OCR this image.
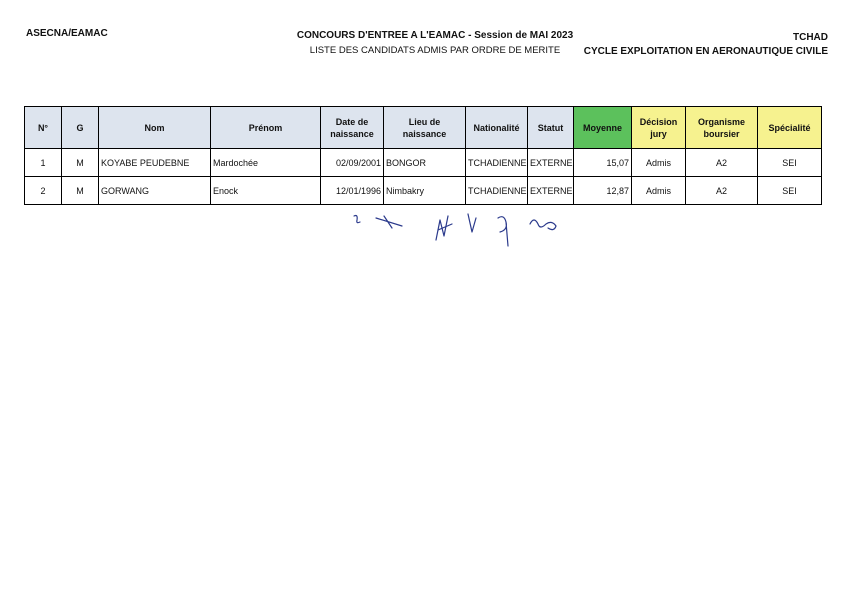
ASECNA/EAMAC	CONCOURS D'ENTREE A L'EAMAC - Session de MAI 2023
LISTE DES CANDIDATS ADMIS PAR ORDRE DE MERITE
TCHAD
CYCLE EXPLOITATION EN AERONAUTIQUE CIVILE
N°	G	Nom	Prénom	Date de naissance	Lieu de naissance	Nationalité	Statut	Moyenne	Décision jury	Organisme boursier	Spécialité
1	M	KOYABE PEUDEBNE	Mardochée	02/09/2001	BONGOR	TCHADIENNE	EXTERNE	15,07	Admis	A2	SEI
2	M	GORWANG	Enock	12/01/1996	Nimbakry	TCHADIENNE	EXTERNE	12,87	Admis	A2	SEI
